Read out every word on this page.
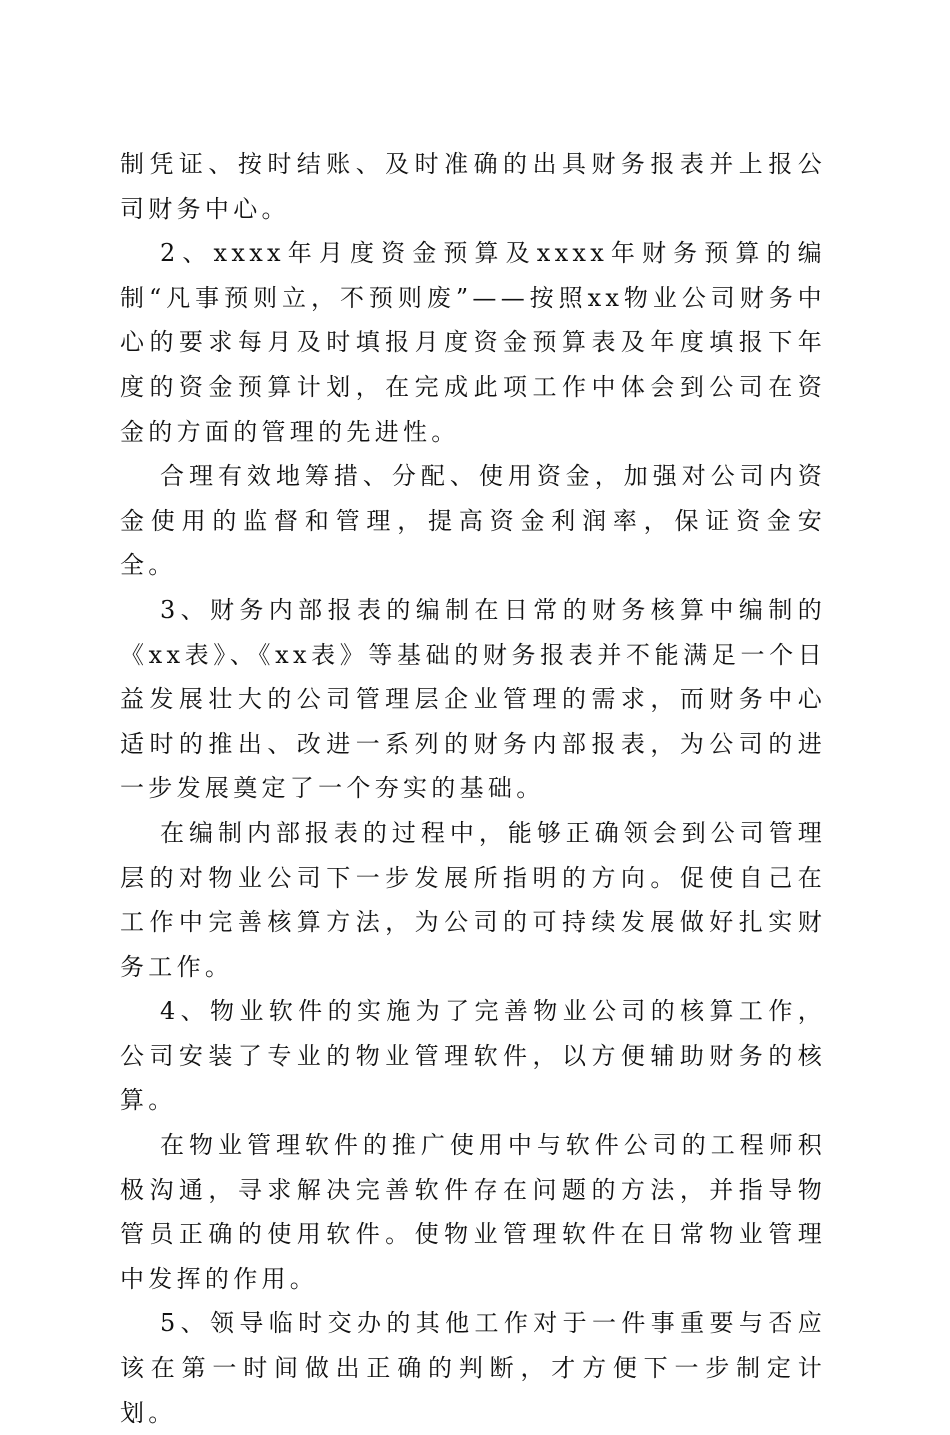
制凭证、按时结账、及时准确的出具财务报表并上报公司财务中心。

2、xxxx年月度资金预算及xxxx年财务预算的编制“凡事预则立，不预则废”——按照xx物业公司财务中心的要求每月及时填报月度资金预算表及年度填报下年度的资金预算计划，在完成此项工作中体会到公司在资金的方面的管理的先进性。

合理有效地筹措、分配、使用资金，加强对公司内资金使用的监督和管理，提高资金利润率，保证资金安全。

3、财务内部报表的编制在日常的财务核算中编制的《xx表》、《xx表》等基础的财务报表并不能满足一个日益发展壮大的公司管理层企业管理的需求，而财务中心适时的推出、改进一系列的财务内部报表，为公司的进一步发展奠定了一个夯实的基础。

在编制内部报表的过程中，能够正确领会到公司管理层的对物业公司下一步发展所指明的方向。促使自己在工作中完善核算方法，为公司的可持续发展做好扎实财务工作。

4、物业软件的实施为了完善物业公司的核算工作，公司安装了专业的物业管理软件，以方便辅助财务的核算。

在物业管理软件的推广使用中与软件公司的工程师积极沟通，寻求解决完善软件存在问题的方法，并指导物管员正确的使用软件。使物业管理软件在日常物业管理中发挥的作用。

5、领导临时交办的其他工作对于一件事重要与否应该在第一时间做出正确的判断，才方便下一步制定计划。
